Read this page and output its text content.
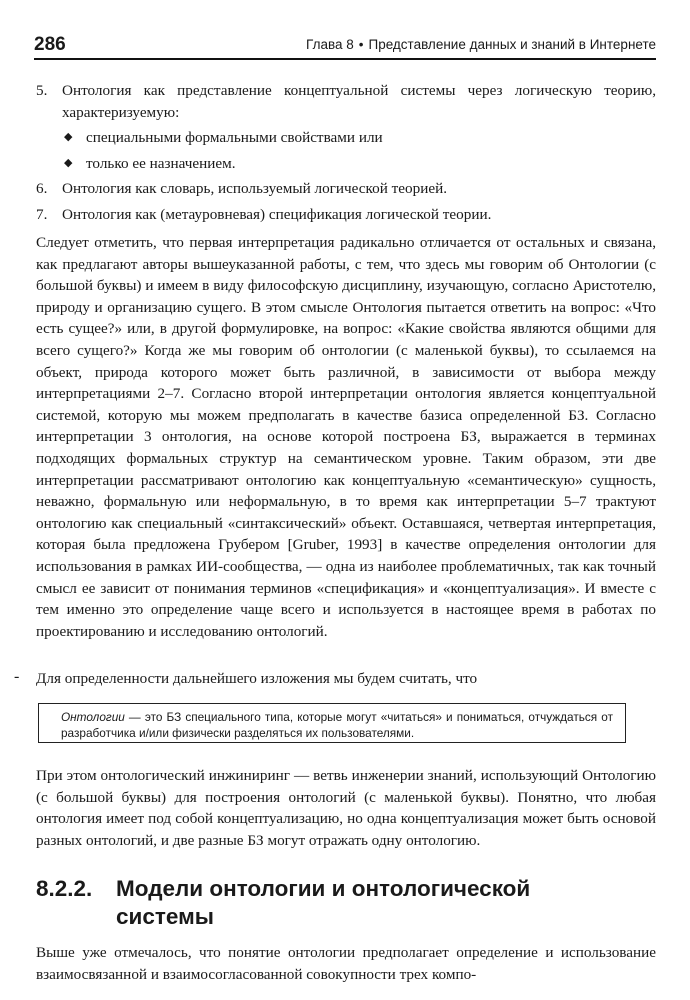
286	Глава 8 • Представление данных и знаний в Интернете
5. Онтология как представление концептуальной системы через логическую теорию, характеризуемую:
◆ специальными формальными свойствами или
◆ только ее назначением.
6. Онтология как словарь, используемый логической теорией.
7. Онтология как (метауровневая) спецификация логической теории.

Следует отметить, что первая интерпретация радикально отличается от остальных и связана, как предлагают авторы вышеуказанной работы, с тем, что здесь мы говорим об Онтологии (с большой буквы) и имеем в виду философскую дисциплину, изучающую, согласно Аристотелю, природу и организацию сущего. В этом смысле Онтология пытается ответить на вопрос: «Что есть сущее?» или, в другой формулировке, на вопрос: «Какие свойства являются общими для всего сущего?» Когда же мы говорим об онтологии (с маленькой буквы), то ссылаемся на объект, природа которого может быть различной, в зависимости от выбора между интерпретациями 2–7. Согласно второй интерпретации онтология является концептуальной системой, которую мы можем предполагать в качестве базиса определенной БЗ. Согласно интерпретации 3 онтология, на основе которой построена БЗ, выражается в терминах подходящих формальных структур на семантическом уровне. Таким образом, эти две интерпретации рассматривают онтологию как концептуальную «семантическую» сущность, неважно, формальную или неформальную, в то время как интерпретации 5–7 трактуют онтологию как специальный «синтаксический» объект. Оставшаяся, четвертая интерпретация, которая была предложена Грубером [Gruber, 1993] в качестве определения онтологии для использования в рамках ИИ-сообщества, — одна из наиболее проблематичных, так как точный смысл ее зависит от понимания терминов «спецификация» и «концептуализация». И вместе с тем именно это определение чаще всего и используется в настоящее время в работах по проектированию и исследованию онтологий.

- Для определенности дальнейшего изложения мы будем считать, что

Онтологии — это БЗ специального типа, которые могут «читаться» и пониматься, отчуждаться от разработчика и/или физически разделяться их пользователями.

При этом онтологический инжиниринг — ветвь инженерии знаний, использующий Онтологию (с большой буквы) для построения онтологий (с маленькой буквы). Понятно, что любая онтология имеет под собой концептуализацию, но одна концептуализация может быть основой разных онтологий, и две разные БЗ могут отражать одну онтологию.

8.2.2. Модели онтологии и онтологической
системы

Выше уже отмечалось, что понятие онтологии предполагает определение и использование взаимосвязанной и взаимосогласованной совокупности трех компо-
